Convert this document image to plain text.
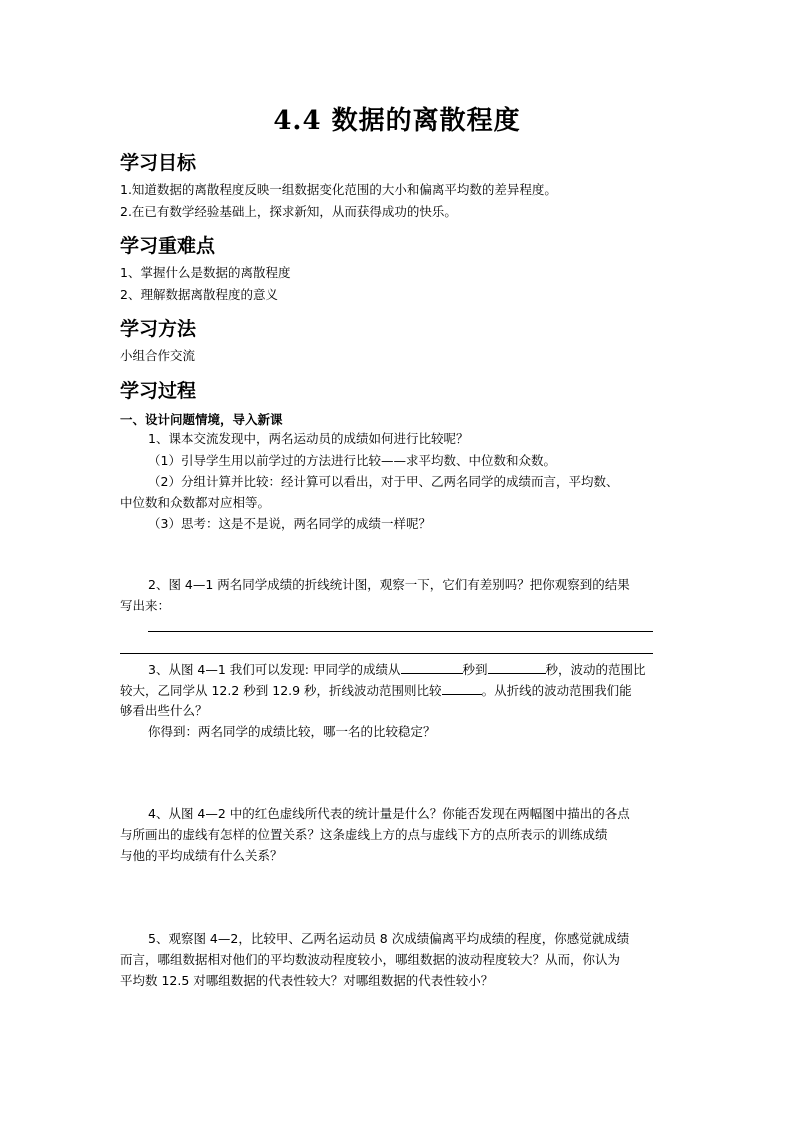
4.4 数据的离散程度
学习目标
1.知道数据的离散程度反映一组数据变化范围的大小和偏离平均数的差异程度。
2.在已有数学经验基础上，探求新知，从而获得成功的快乐。
学习重难点
1、掌握什么是数据的离散程度
2、理解数据离散程度的意义
学习方法
小组合作交流
学习过程
一、设计问题情境，导入新课
1、课本交流发现中，两名运动员的成绩如何进行比较呢？
（1）引导学生用以前学过的方法进行比较——求平均数、中位数和众数。
（2）分组计算并比较：经计算可以看出，对于甲、乙两名同学的成绩而言，平均数、
中位数和众数都对应相等。
（3）思考：这是不是说，两名同学的成绩一样呢？
2、图 4—1 两名同学成绩的折线统计图，观察一下，它们有差别吗？把你观察到的结果
写出来：
3、从图 4—1 我们可以发现: 甲同学的成绩从	秒到	秒，波动的范围比
较大，乙同学从 12.2 秒到 12.9 秒，折线波动范围则比较	。从折线的波动范围我们能
够看出些什么？
你得到：两名同学的成绩比较，哪一名的比较稳定？
4、从图 4—2 中的红色虚线所代表的统计量是什么？你能否发现在两幅图中描出的各点
与所画出的虚线有怎样的位置关系？这条虚线上方的点与虚线下方的点所表示的训练成绩
与他的平均成绩有什么关系？
5、观察图 4—2，比较甲、乙两名运动员 8 次成绩偏离平均成绩的程度，你感觉就成绩
而言，哪组数据相对他们的平均数波动程度较小，哪组数据的波动程度较大？从而，你认为
平均数 12.5 对哪组数据的代表性较大？对哪组数据的代表性较小？
